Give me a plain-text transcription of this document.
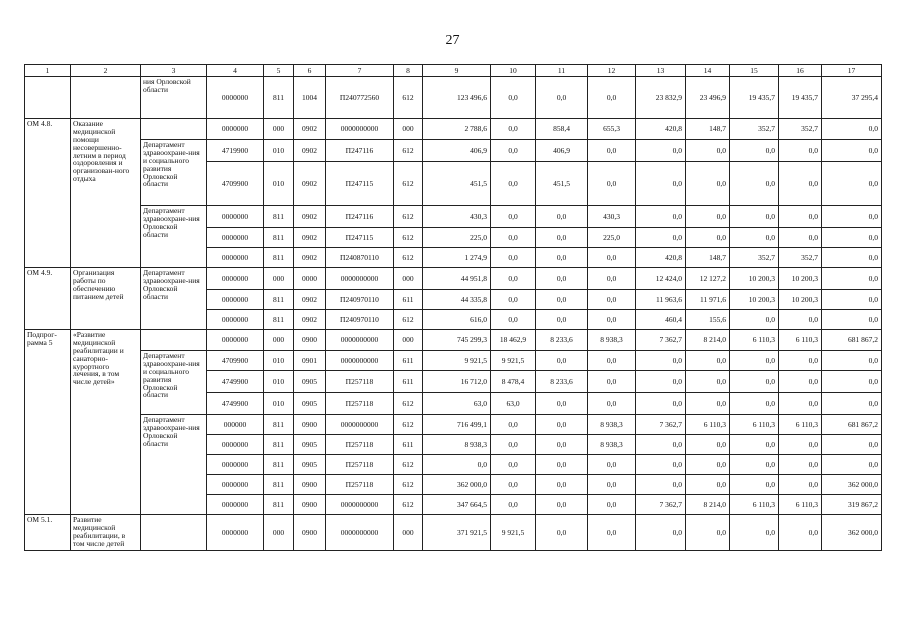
27
1	2	3	4	5	6	7	8	9	10	11	12	13	14	15	16	17
		ния Орловской области	0000000	811	1004	П240772560	612	123 496,6	0,0	0,0	0,0	23 832,9	23 496,9	19 435,7	19 435,7	37 295,4
ОМ 4.8.	Оказание медицинской помощи несовершенно-летним в период оздоровления и организован-ного отдыха		0000000	000	0902	0000000000	000	2 788,6	0,0	858,4	655,3	420,8	148,7	352,7	352,7	0,0
		Департамент здравоохране-ния и социального развития Орловской области	4719900	010	0902	П247116	612	406,9	0,0	406,9	0,0	0,0	0,0	0,0	0,0	0,0
			4709900	010	0902	П247115	612	451,5	0,0	451,5	0,0	0,0	0,0	0,0	0,0	0,0
		Департамент здравоохране-ния Орловской области	0000000	811	0902	П247116	612	430,3	0,0	0,0	430,3	0,0	0,0	0,0	0,0	0,0
			0000000	811	0902	П247115	612	225,0	0,0	0,0	225,0	0,0	0,0	0,0	0,0	0,0
			0000000	811	0902	П240870110	612	1 274,9	0,0	0,0	0,0	420,8	148,7	352,7	352,7	0,0
ОМ 4.9.	Организация работы по обеспечению питанием детей	Департамент здравоохране-ния Орловской области	0000000	000	0000	0000000000	000	44 951,8	0,0	0,0	0,0	12 424,0	12 127,2	10 200,3	10 200,3	0,0
			0000000	811	0902	П240970110	611	44 335,8	0,0	0,0	0,0	11 963,6	11 971,6	10 200,3	10 200,3	0,0
			0000000	811	0902	П240970110	612	616,0	0,0	0,0	0,0	460,4	155,6	0,0	0,0	0,0
Подпрог-рамма 5	«Развитие медицинской реабилитации и санаторно-курортного лечения, в том числе детей»		0000000	000	0900	0000000000	000	745 299,3	18 462,9	8 233,6	8 938,3	7 362,7	8 214,0	6 110,3	6 110,3	681 867,2
		Департамент здравоохране-ния и социального развития Орловской области	4709900	010	0901	0000000000	611	9 921,5	9 921,5	0,0	0,0	0,0	0,0	0,0	0,0	0,0
			4749900	010	0905	П257118	611	16 712,0	8 478,4	8 233,6	0,0	0,0	0,0	0,0	0,0	0,0
			4749900	010	0905	П257118	612	63,0	63,0	0,0	0,0	0,0	0,0	0,0	0,0	0,0
		Департамент здравоохране-ния Орловской области	000000	811	0900	0000000000	612	716 499,1	0,0	0,0	8 938,3	7 362,7	6 110,3	6 110,3	6 110,3	681 867,2
			0000000	811	0905	П257118	611	8 938,3	0,0	0,0	8 938,3	0,0	0,0	0,0	0,0	0,0
			0000000	811	0905	П257118	612	0,0	0,0	0,0	0,0	0,0	0,0	0,0	0,0	0,0
			0000000	811	0900	П257118	612	362 000,0	0,0	0,0	0,0	0,0	0,0	0,0	0,0	362 000,0
			0000000	811	0900	0000000000	612	347 664,5	0,0	0,0	0,0	7 362,7	8 214,0	6 110,3	6 110,3	319 867,2
ОМ 5.1.	Развитие медицинской реабилитации, в том числе детей		0000000	000	0900	0000000000	000	371 921,5	9 921,5	0,0	0,0	0,0	0,0	0,0	0,0	362 000,0
